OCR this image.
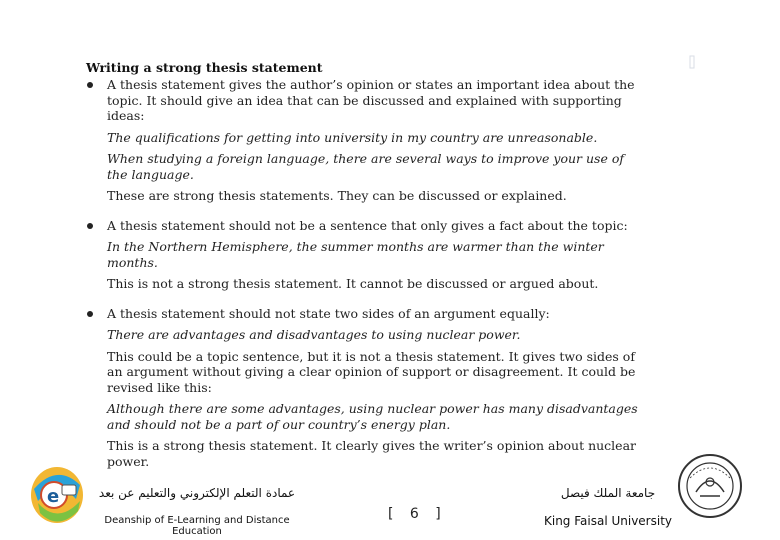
Writing a strong thesis statement

A thesis statement gives the author’s opinion or states an important idea about the topic. It should give an idea that can be discussed and explained with supporting ideas:

The qualifications for getting into university in my country are unreasonable.

When studying a foreign language, there are several ways to improve your use of the language.

These are strong thesis statements. They can be discussed or explained.

A thesis statement should not be a sentence that only gives a fact about the topic:

In the Northern Hemisphere, the summer months are warmer than the winter months.

This is not a strong thesis statement. It cannot be discussed or argued about.

A thesis statement should not state two sides of an argument equally:

There are advantages and disadvantages to using nuclear power.

This could be a topic sentence, but it is not a thesis statement. It gives two sides of an argument without giving a clear opinion of support or disagreement. It could be revised like this:

Although there are some advantages, using nuclear power has many disadvantages and should not be a part of our country’s energy plan.

This is a strong thesis statement. It clearly gives the writer’s opinion about nuclear power.

e	عمادة التعلم الإلكتروني والتعليم عن بعد
Deanship of E-Learning and Distance Education
[ 6 ]
جامعة الملك فيصل
King Faisal University
